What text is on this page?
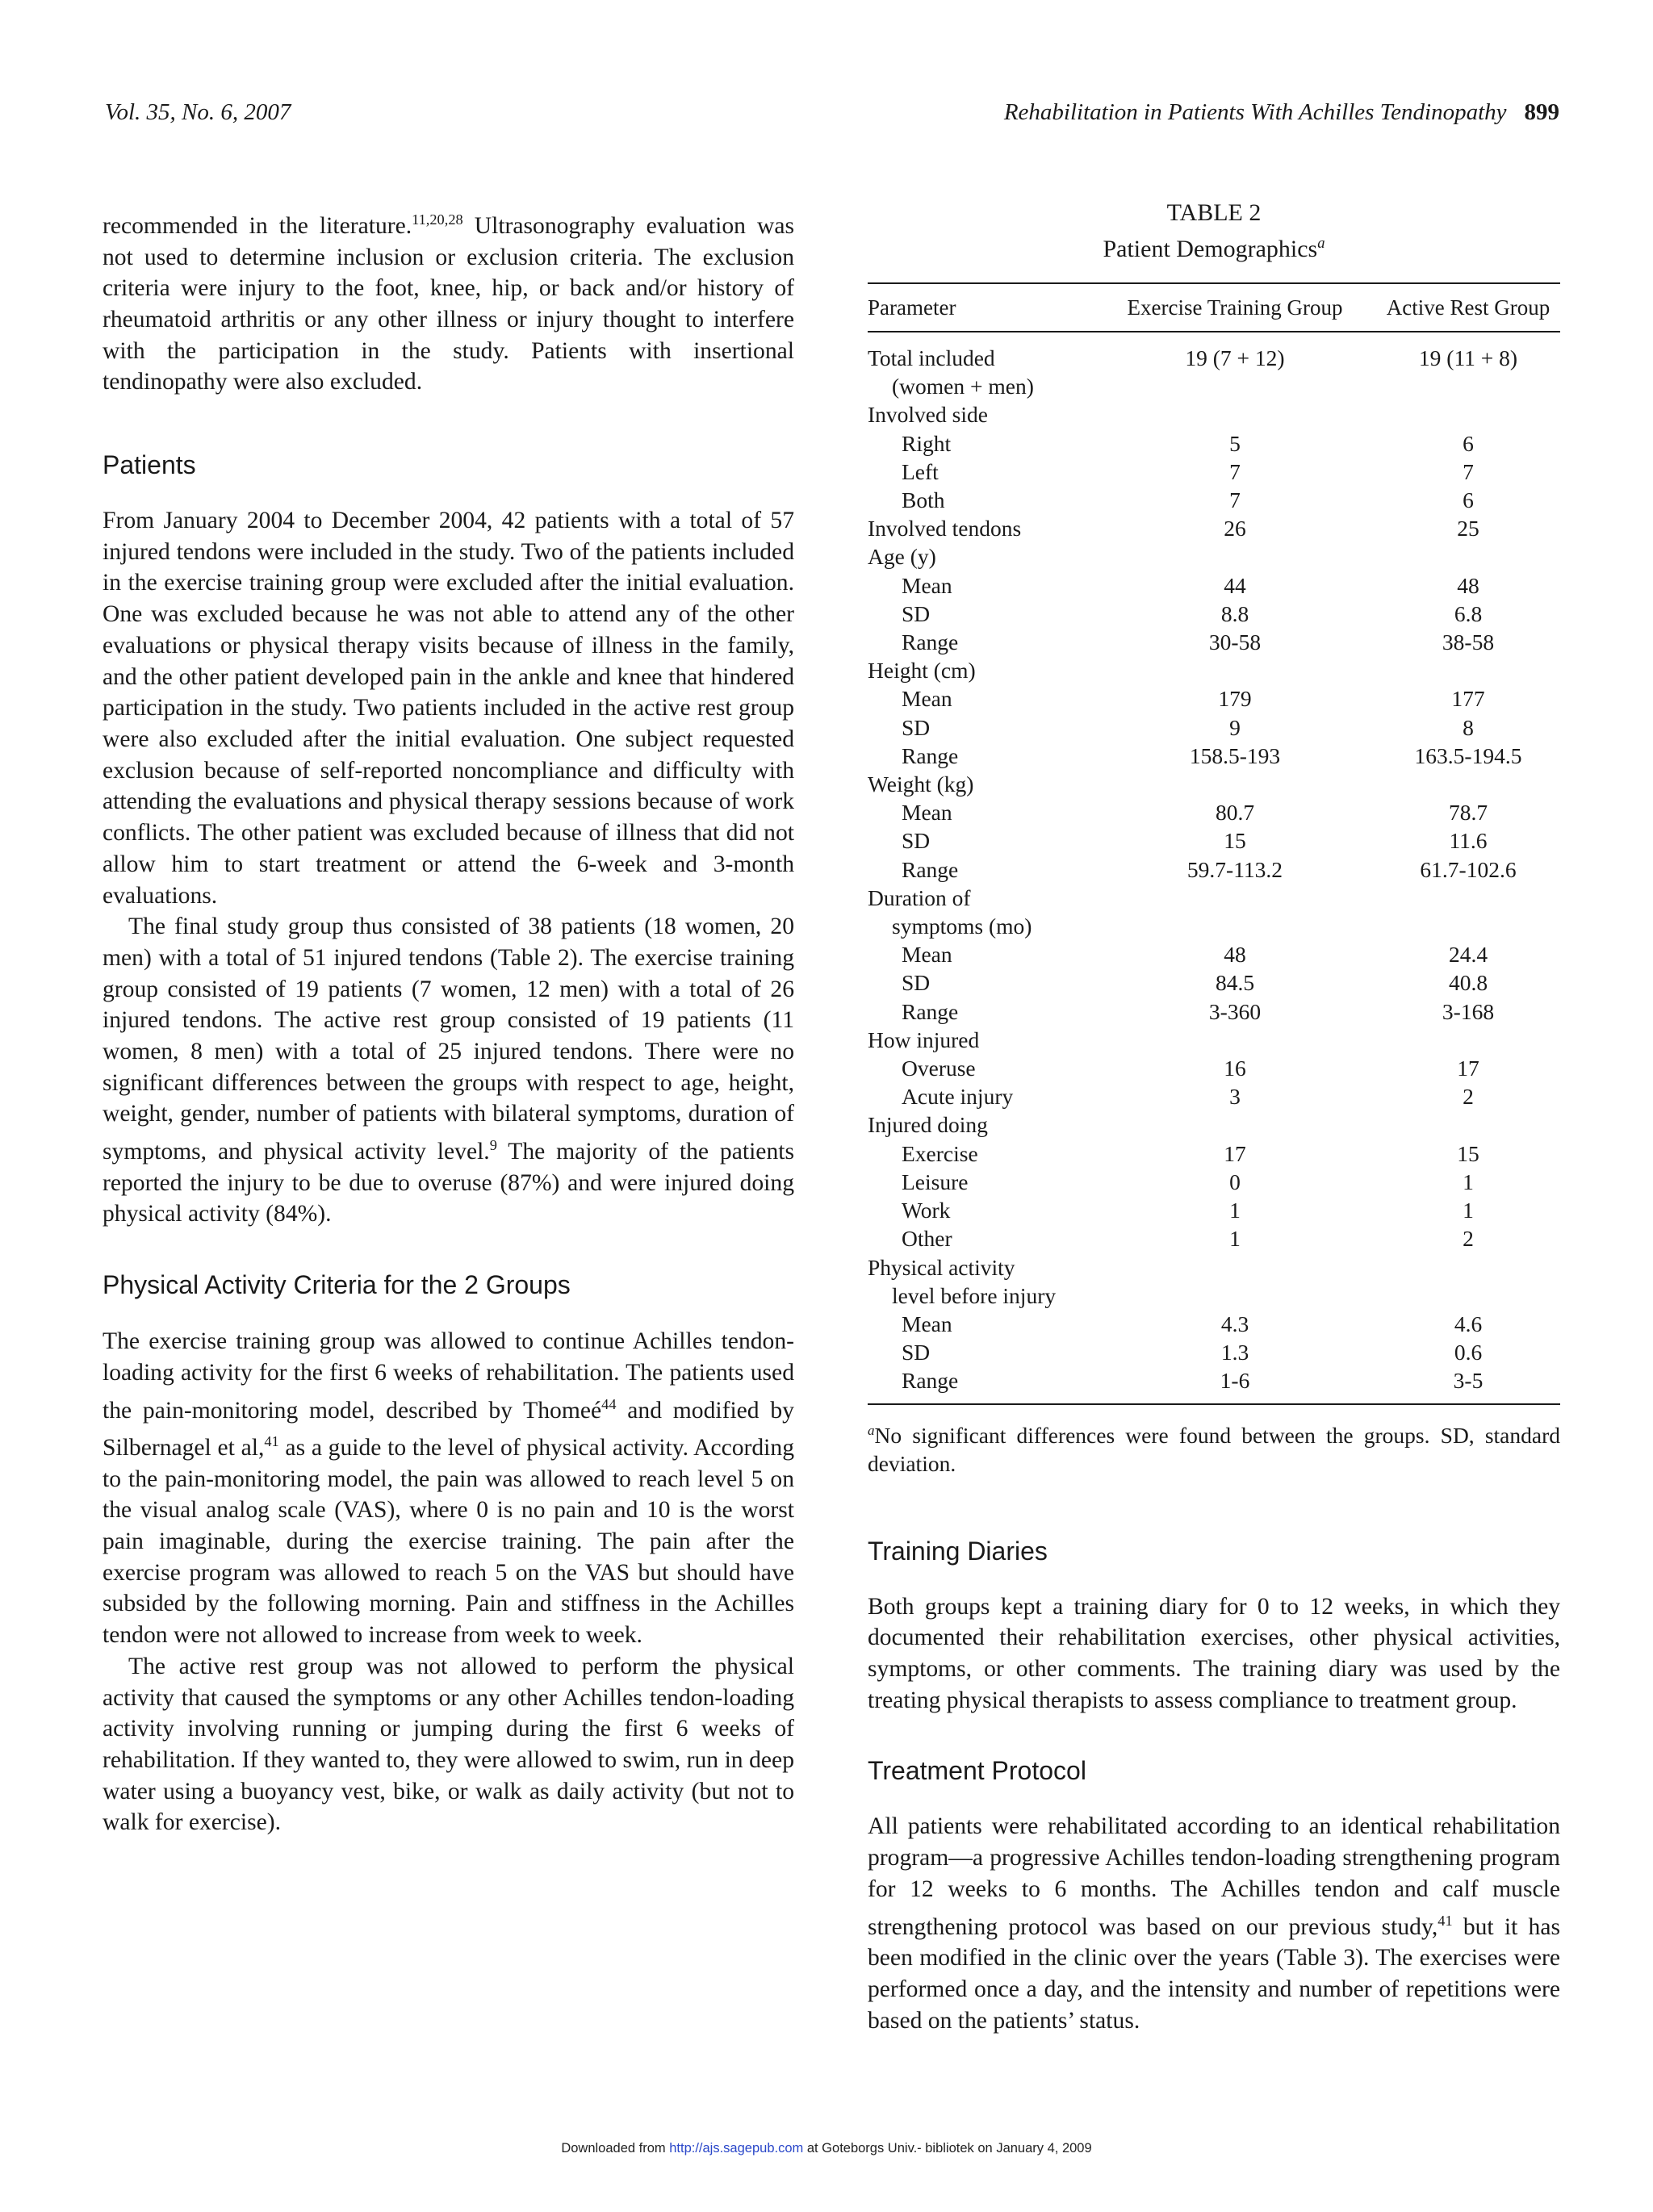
Vol. 35, No. 6, 2007	Rehabilitation in Patients With Achilles Tendinopathy 899

recommended in the literature.$^{11,20,28}$ Ultrasonography evaluation was not used to determine inclusion or exclusion criteria. The exclusion criteria were injury to the foot, knee, hip, or back and/or history of rheumatoid arthritis or any other illness or injury thought to interfere with the participation in the study. Patients with insertional tendinopathy were also excluded.

Patients

From January 2004 to December 2004, 42 patients with a total of 57 injured tendons were included in the study. Two of the patients included in the exercise training group were excluded after the initial evaluation. One was excluded because he was not able to attend any of the other evaluations or physical therapy visits because of illness in the family, and the other patient developed pain in the ankle and knee that hindered participation in the study. Two patients included in the active rest group were also excluded after the initial evaluation. One subject requested exclusion because of self-reported noncompliance and difficulty with attending the evaluations and physical therapy sessions because of work conflicts. The other patient was excluded because of illness that did not allow him to start treatment or attend the 6-week and 3-month evaluations.

The final study group thus consisted of 38 patients (18 women, 20 men) with a total of 51 injured tendons (Table 2). The exercise training group consisted of 19 patients (7 women, 12 men) with a total of 26 injured tendons. The active rest group consisted of 19 patients (11 women, 8 men) with a total of 25 injured tendons. There were no significant differences between the groups with respect to age, height, weight, gender, number of patients with bilateral symptoms, duration of symptoms, and physical activity level.$^9$ The majority of the patients reported the injury to be due to overuse (87%) and were injured doing physical activity (84%).

Physical Activity Criteria for the 2 Groups

The exercise training group was allowed to continue Achilles tendon-loading activity for the first 6 weeks of rehabilitation. The patients used the pain-monitoring model, described by Thomeé$^{44}$ and modified by Silbernagel et al,$^{41}$ as a guide to the level of physical activity. According to the pain-monitoring model, the pain was allowed to reach level 5 on the visual analog scale (VAS), where 0 is no pain and 10 is the worst pain imaginable, during the exercise training. The pain after the exercise program was allowed to reach 5 on the VAS but should have subsided by the following morning. Pain and stiffness in the Achilles tendon were not allowed to increase from week to week.

The active rest group was not allowed to perform the physical activity that caused the symptoms or any other Achilles tendon-loading activity involving running or jumping during the first 6 weeks of rehabilitation. If they wanted to, they were allowed to swim, run in deep water using a buoyancy vest, bike, or walk as daily activity (but not to walk for exercise).

TABLE 2
Patient Demographics$^a$
Parameter	Exercise Training Group	Active Rest Group
Total included	19 (7 + 12)	19 (11 + 8)
(women + men)
Involved side
Right	5	6
Left	7	7
Both	7	6
Involved tendons	26	25
Age (y)
Mean	44	48
SD	8.8	6.8
Range	30-58	38-58
Height (cm)
Mean	179	177
SD	9	8
Range	158.5-193	163.5-194.5
Weight (kg)
Mean	80.7	78.7
SD	15	11.6
Range	59.7-113.2	61.7-102.6
Duration of
symptoms (mo)
Mean	48	24.4
SD	84.5	40.8
Range	3-360	3-168
How injured
Overuse	16	17
Acute injury	3	2
Injured doing
Exercise	17	15
Leisure	0	1
Work	1	1
Other	1	2
Physical activity
level before injury
Mean	4.3	4.6
SD	1.3	0.6
Range	1-6	3-5

$^a$No significant differences were found between the groups. SD, standard deviation.

Training Diaries

Both groups kept a training diary for 0 to 12 weeks, in which they documented their rehabilitation exercises, other physical activities, symptoms, or other comments. The training diary was used by the treating physical therapists to assess compliance to treatment group.

Treatment Protocol

All patients were rehabilitated according to an identical rehabilitation program—a progressive Achilles tendon-loading strengthening program for 12 weeks to 6 months. The Achilles tendon and calf muscle strengthening protocol was based on our previous study,$^{41}$ but it has been modified in the clinic over the years (Table 3). The exercises were performed once a day, and the intensity and number of repetitions were based on the patients’ status.

Downloaded from http://ajs.sagepub.com at Goteborgs Univ.- bibliotek on January 4, 2009
